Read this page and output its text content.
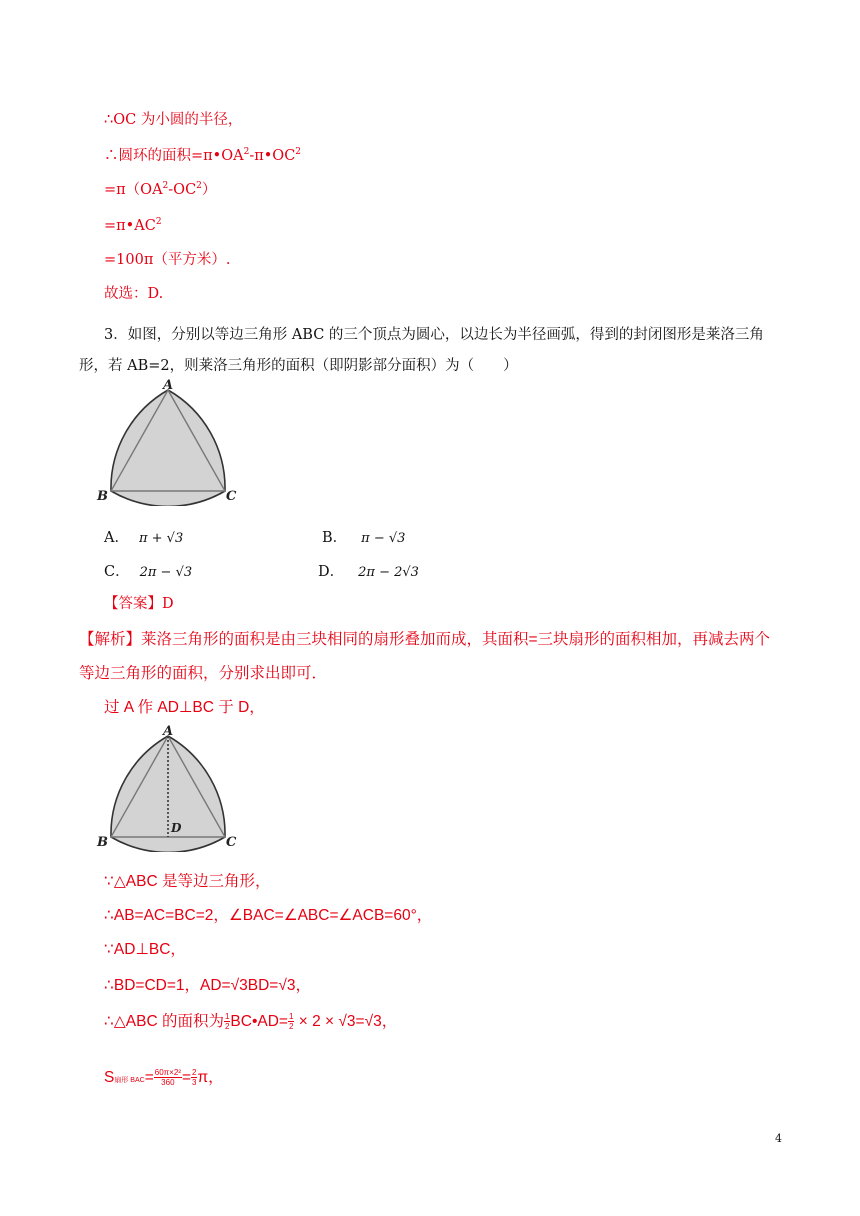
∴OC 为小圆的半径，
∴圆环的面积$=\pi•OA^2-\pi•OC^2$
$=\pi(OA^2-OC^2)$
$=\pi•AC^2$
=100π（平方米）.
故选：D.
3．如图，分别以等边三角形 ABC 的三个顶点为圆心，以边长为半径画弧，得到的封闭图形是莱洛三角
形，若 AB=2，则莱洛三角形的面积（即阴影部分面积）为（　　）
A
B	C
A． π + √3	B． π − √3
C． 2π − √3	D． 2π − 2√3
【答案】D
【解析】莱洛三角形的面积是由三块相同的扇形叠加而成，其面积=三块扇形的面积相加，再减去两个
等边三角形的面积，分别求出即可．
过 A 作 AD⊥BC 于 D，
A
B	C
D
∵△ABC 是等边三角形，
∴AB=AC=BC=2，∠BAC=∠ABC=∠ACB=60°，
∵AD⊥BC，
∴BD=CD=1，AD=√3BD=√3，
∴△ABC 的面积为 $\frac{1}{2}$ BC•AD= $\frac{1}{2} \times 2 \times √3=√3$，
S扇形 $BAC= \frac{\text{60π×2²}}{360} = \frac{2}{3}$ π，
4
